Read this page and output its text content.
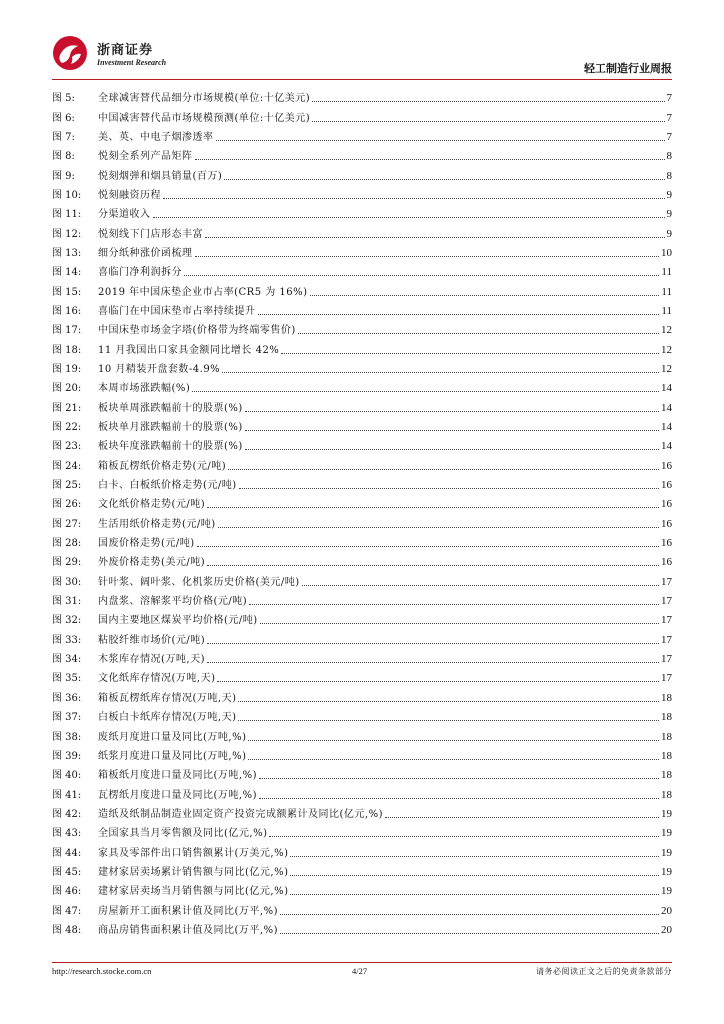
浙商证券
Investment Research	轻工制造行业周报
图 5:	全球减害替代品细分市场规模(单位:十亿美元)	7
图 6:	中国减害替代品市场规模预测(单位:十亿美元)	7
图 7:	美、英、中电子烟渗透率	7
图 8:	悦刻全系列产品矩阵	8
图 9:	悦刻烟弹和烟具销量(百万)	8
图 10:	悦刻融资历程	9
图 11:	分渠道收入	9
图 12:	悦刻线下门店形态丰富	9
图 13:	细分纸种涨价函梳理	10
图 14:	喜临门净利润拆分	11
图 15:	2019 年中国床垫企业市占率(CR5 为 16%)	11
图 16:	喜临门在中国床垫市占率持续提升	11
图 17:	中国床垫市场金字塔(价格带为终端零售价)	12
图 18:	11 月我国出口家具金额同比增长 42%	12
图 19:	10 月精装开盘套数-4.9%	12
图 20:	本周市场涨跌幅(%)	14
图 21:	板块单周涨跌幅前十的股票(%)	14
图 22:	板块单月涨跌幅前十的股票(%)	14
图 23:	板块年度涨跌幅前十的股票(%)	14
图 24:	箱板瓦楞纸价格走势(元/吨)	16
图 25:	白卡、白板纸价格走势(元/吨)	16
图 26:	文化纸价格走势(元/吨)	16
图 27:	生活用纸价格走势(元/吨)	16
图 28:	国废价格走势(元/吨)	16
图 29:	外废价格走势(美元/吨)	16
图 30:	针叶浆、阔叶浆、化机浆历史价格(美元/吨)	17
图 31:	内盘浆、溶解浆平均价格(元/吨)	17
图 32:	国内主要地区煤炭平均价格(元/吨)	17
图 33:	粘胶纤维市场价(元/吨)	17
图 34:	木浆库存情况(万吨,天)	17
图 35:	文化纸库存情况(万吨,天)	17
图 36:	箱板瓦楞纸库存情况(万吨,天)	18
图 37:	白板白卡纸库存情况(万吨,天)	18
图 38:	废纸月度进口量及同比(万吨,%)	18
图 39:	纸浆月度进口量及同比(万吨,%)	18
图 40:	箱板纸月度进口量及同比(万吨,%)	18
图 41:	瓦楞纸月度进口量及同比(万吨,%)	18
图 42:	造纸及纸制品制造业固定资产投资完成额累计及同比(亿元,%)	19
图 43:	全国家具当月零售额及同比(亿元,%)	19
图 44:	家具及零部件出口销售额累计(万美元,%)	19
图 45:	建材家居卖场累计销售额与同比(亿元,%)	19
图 46:	建材家居卖场当月销售额与同比(亿元,%)	19
图 47:	房屋新开工面积累计值及同比(万平,%)	20
图 48:	商品房销售面积累计值及同比(万平,%)	20
http://research.stocke.com.cn	4/27	请务必阅读正文之后的免责条款部分
